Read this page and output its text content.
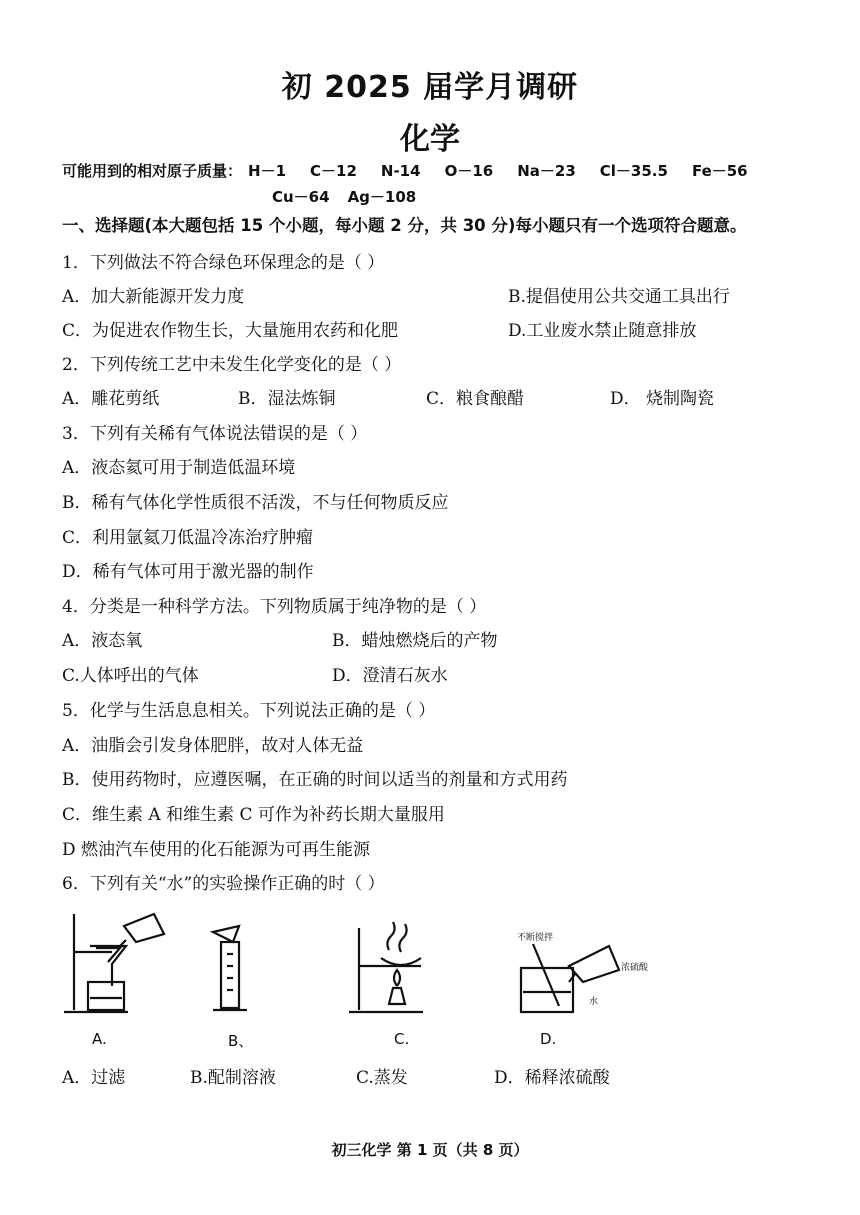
初 2025 届学月调研
化学
可能用到的相对原子质量： H－1 C－12 N-14 O－16 Na－23 Cl－35.5 Fe－56
Cu－64 Ag－108
一、选择题(本大题包括 15 个小题，每小题 2 分，共 30 分)每小题只有一个选项符合题意。
1．下列做法不符合绿色环保理念的是（ ）
A．加大新能源开发力度	B.提倡使用公共交通工具出行
C．为促进农作物生长，大量施用农药和化肥	D.工业废水禁止随意排放
2．下列传统工艺中未发生化学变化的是（ ）
A．雕花剪纸	B．湿法炼铜	C．粮食酿醋	D． 烧制陶瓷
3．下列有关稀有气体说法错误的是（ ）
A．液态氦可用于制造低温环境
B．稀有气体化学性质很不活泼，不与任何物质反应
C．利用氩氦刀低温冷冻治疗肿瘤
D．稀有气体可用于激光器的制作
4．分类是一种科学方法。下列物质属于纯净物的是（ ）
A．液态氧	B．蜡烛燃烧后的产物
C.人体呼出的气体	D．澄清石灰水
5．化学与生活息息相关。下列说法正确的是（ ）
A．油脂会引发身体肥胖，故对人体无益
B．使用药物时，应遵医嘱，在正确的时间以适当的剂量和方式用药
C．维生素 A 和维生素 C 可作为补药长期大量服用
D 燃油汽车使用的化石能源为可再生能源
6．下列有关“水”的实验操作正确的时（ ）
不断搅拌
浓硫酸
水
A.	B、	C.	D.
A．过滤	B.配制溶液	C.蒸发	D．稀释浓硫酸
初三化学 第 1 页（共 8 页）
